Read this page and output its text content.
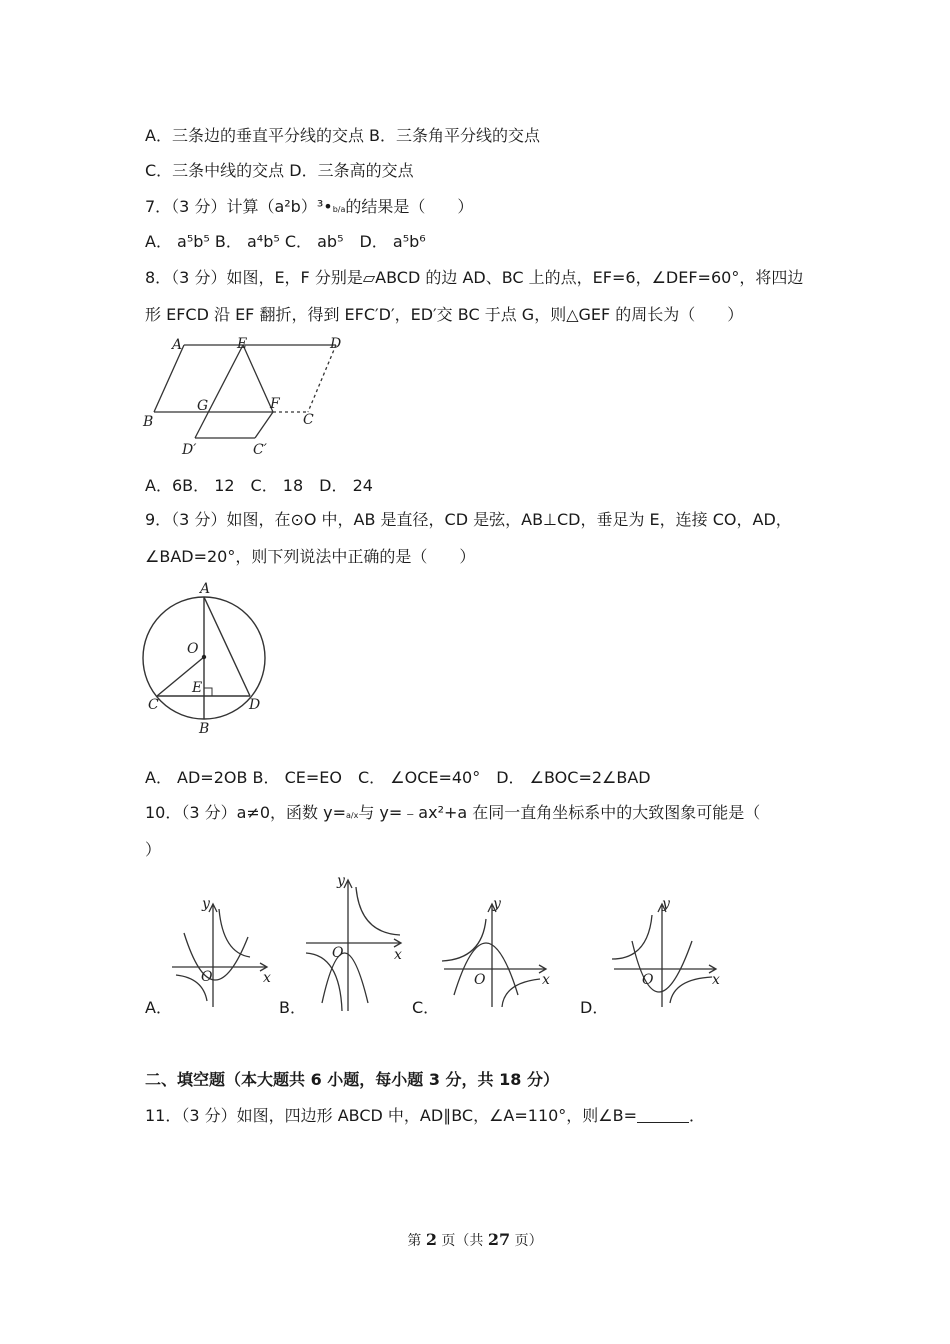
A．三条边的垂直平分线的交点 B．三条角平分线的交点
C．三条中线的交点 D．三条高的交点
7．（3 分）计算（a²b）³•b/a的结果是（　　）
A． a⁵b⁵ B． a⁴b⁵ C． ab⁵　D． a⁵b⁶
8．（3 分）如图，E，F 分别是▱ABCD 的边 AD、BC 上的点，EF=6，∠DEF=60°，将四边
形 EFCD 沿 EF 翻折，得到 EFC′D′，ED′交 BC 于点 G，则△GEF 的周长为（　　）
A	E	D
B
G	F
C
D′	C′
A．6B． 12　C． 18　D． 24
9．（3 分）如图，在⊙O 中，AB 是直径，CD 是弦，AB⊥CD，垂足为 E，连接 CO，AD，
∠BAD=20°，则下列说法中正确的是（　　）
A
O
E
C	D
B
A． AD=2OB B． CE=EO　C． ∠OCE=40°　D． ∠BOC=2∠BAD
10．（3 分）a≠0，函数 y=a/x与 y=﹣ax²+a 在同一直角坐标系中的大致图象可能是（
）
y
x
O
A．
y
x
O
B．
y
x
O
C．
y
x
O
D．
二、填空题（本大题共 6 小题，每小题 3 分，共 18 分）
11．（3 分）如图，四边形 ABCD 中，AD∥BC，∠A=110°，则∠B=	．
第 2 页（共 27 页）
